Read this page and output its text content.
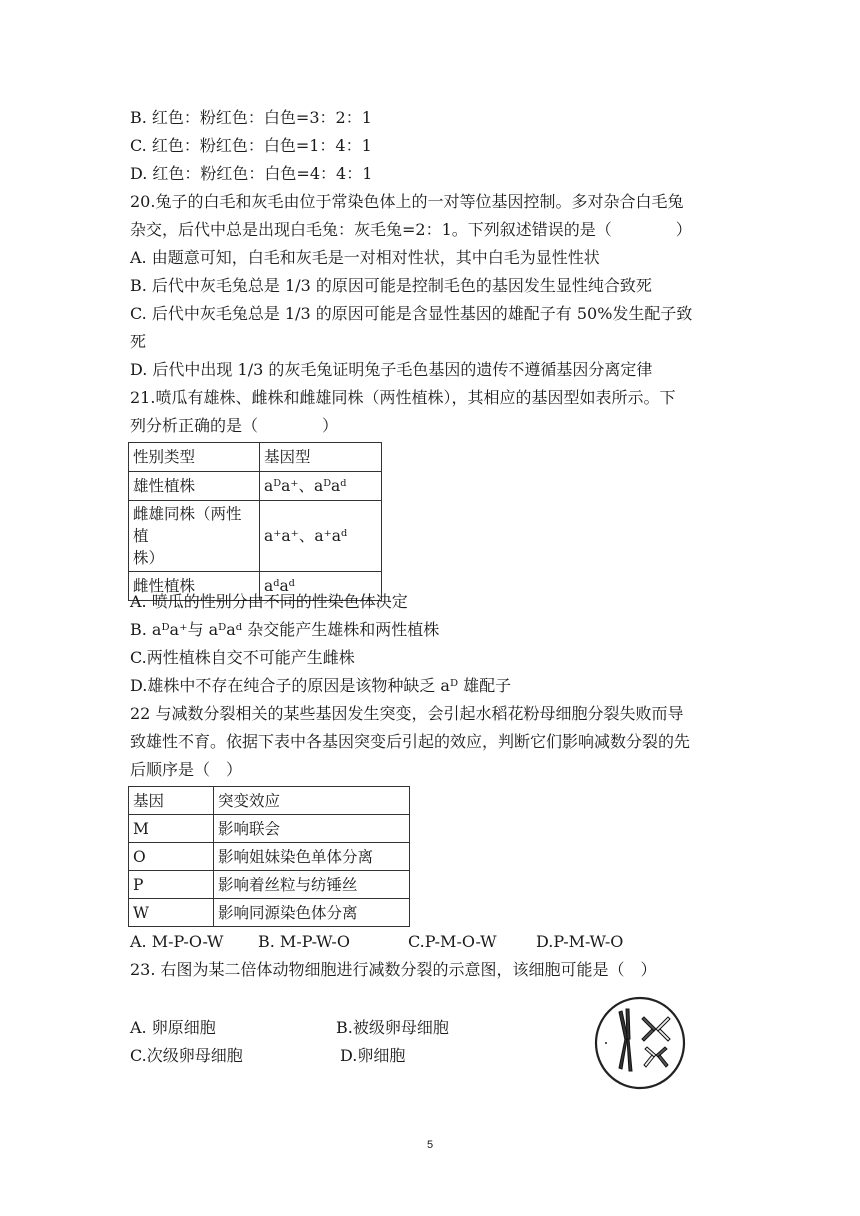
B. 红色：粉红色：白色=3：2：1
C. 红色：粉红色：白色=1：4：1
D. 红色：粉红色：白色=4：4：1
20.兔子的白毛和灰毛由位于常染色体上的一对等位基因控制。多对杂合白毛兔
杂交，后代中总是出现白毛兔：灰毛兔=2：1。下列叙述错误的是（　　　　）
A. 由题意可知，白毛和灰毛是一对相对性状，其中白毛为显性性状
B. 后代中灰毛兔总是 1/3 的原因可能是控制毛色的基因发生显性纯合致死
C. 后代中灰毛兔总是 1/3 的原因可能是含显性基因的雄配子有 50%发生配子致
死
D. 后代中出现 1/3 的灰毛兔证明兔子毛色基因的遗传不遵循基因分离定律
21.喷瓜有雄株、雌株和雌雄同株（两性植株），其相应的基因型如表所示。下
列分析正确的是（　　　　）
性别类型	基因型
雄性植株	aᴰa⁺、aᴰaᵈ
雌雄同株（两性植
株）	a⁺a⁺、a⁺aᵈ
雌性植株	aᵈaᵈ
A. 喷瓜的性别分由不同的性染色体决定
B. aᴰa⁺与 aᴰaᵈ 杂交能产生雄株和两性植株
C.两性植株自交不可能产生雌株
D.雄株中不存在纯合子的原因是该物种缺乏 aᴰ 雄配子
22 与减数分裂相关的某些基因发生突变，会引起水稻花粉母细胞分裂失败而导
致雄性不育。依据下表中各基因突变后引起的效应，判断它们影响减数分裂的先
后顺序是（　）
基因	突变效应
M	影响联会
O	影响姐妹染色单体分离
P	影响着丝粒与纺锤丝
W	影响同源染色体分离
A. M-P-O-W B. M-P-W-O	C.P-M-O-W D.P-M-W-O
23. 右图为某二倍体动物细胞进行减数分裂的示意图，该细胞可能是（　）
A. 卵原细胞	B.被级卵母细胞
C.次级卵母细胞	D.卵细胞
5
